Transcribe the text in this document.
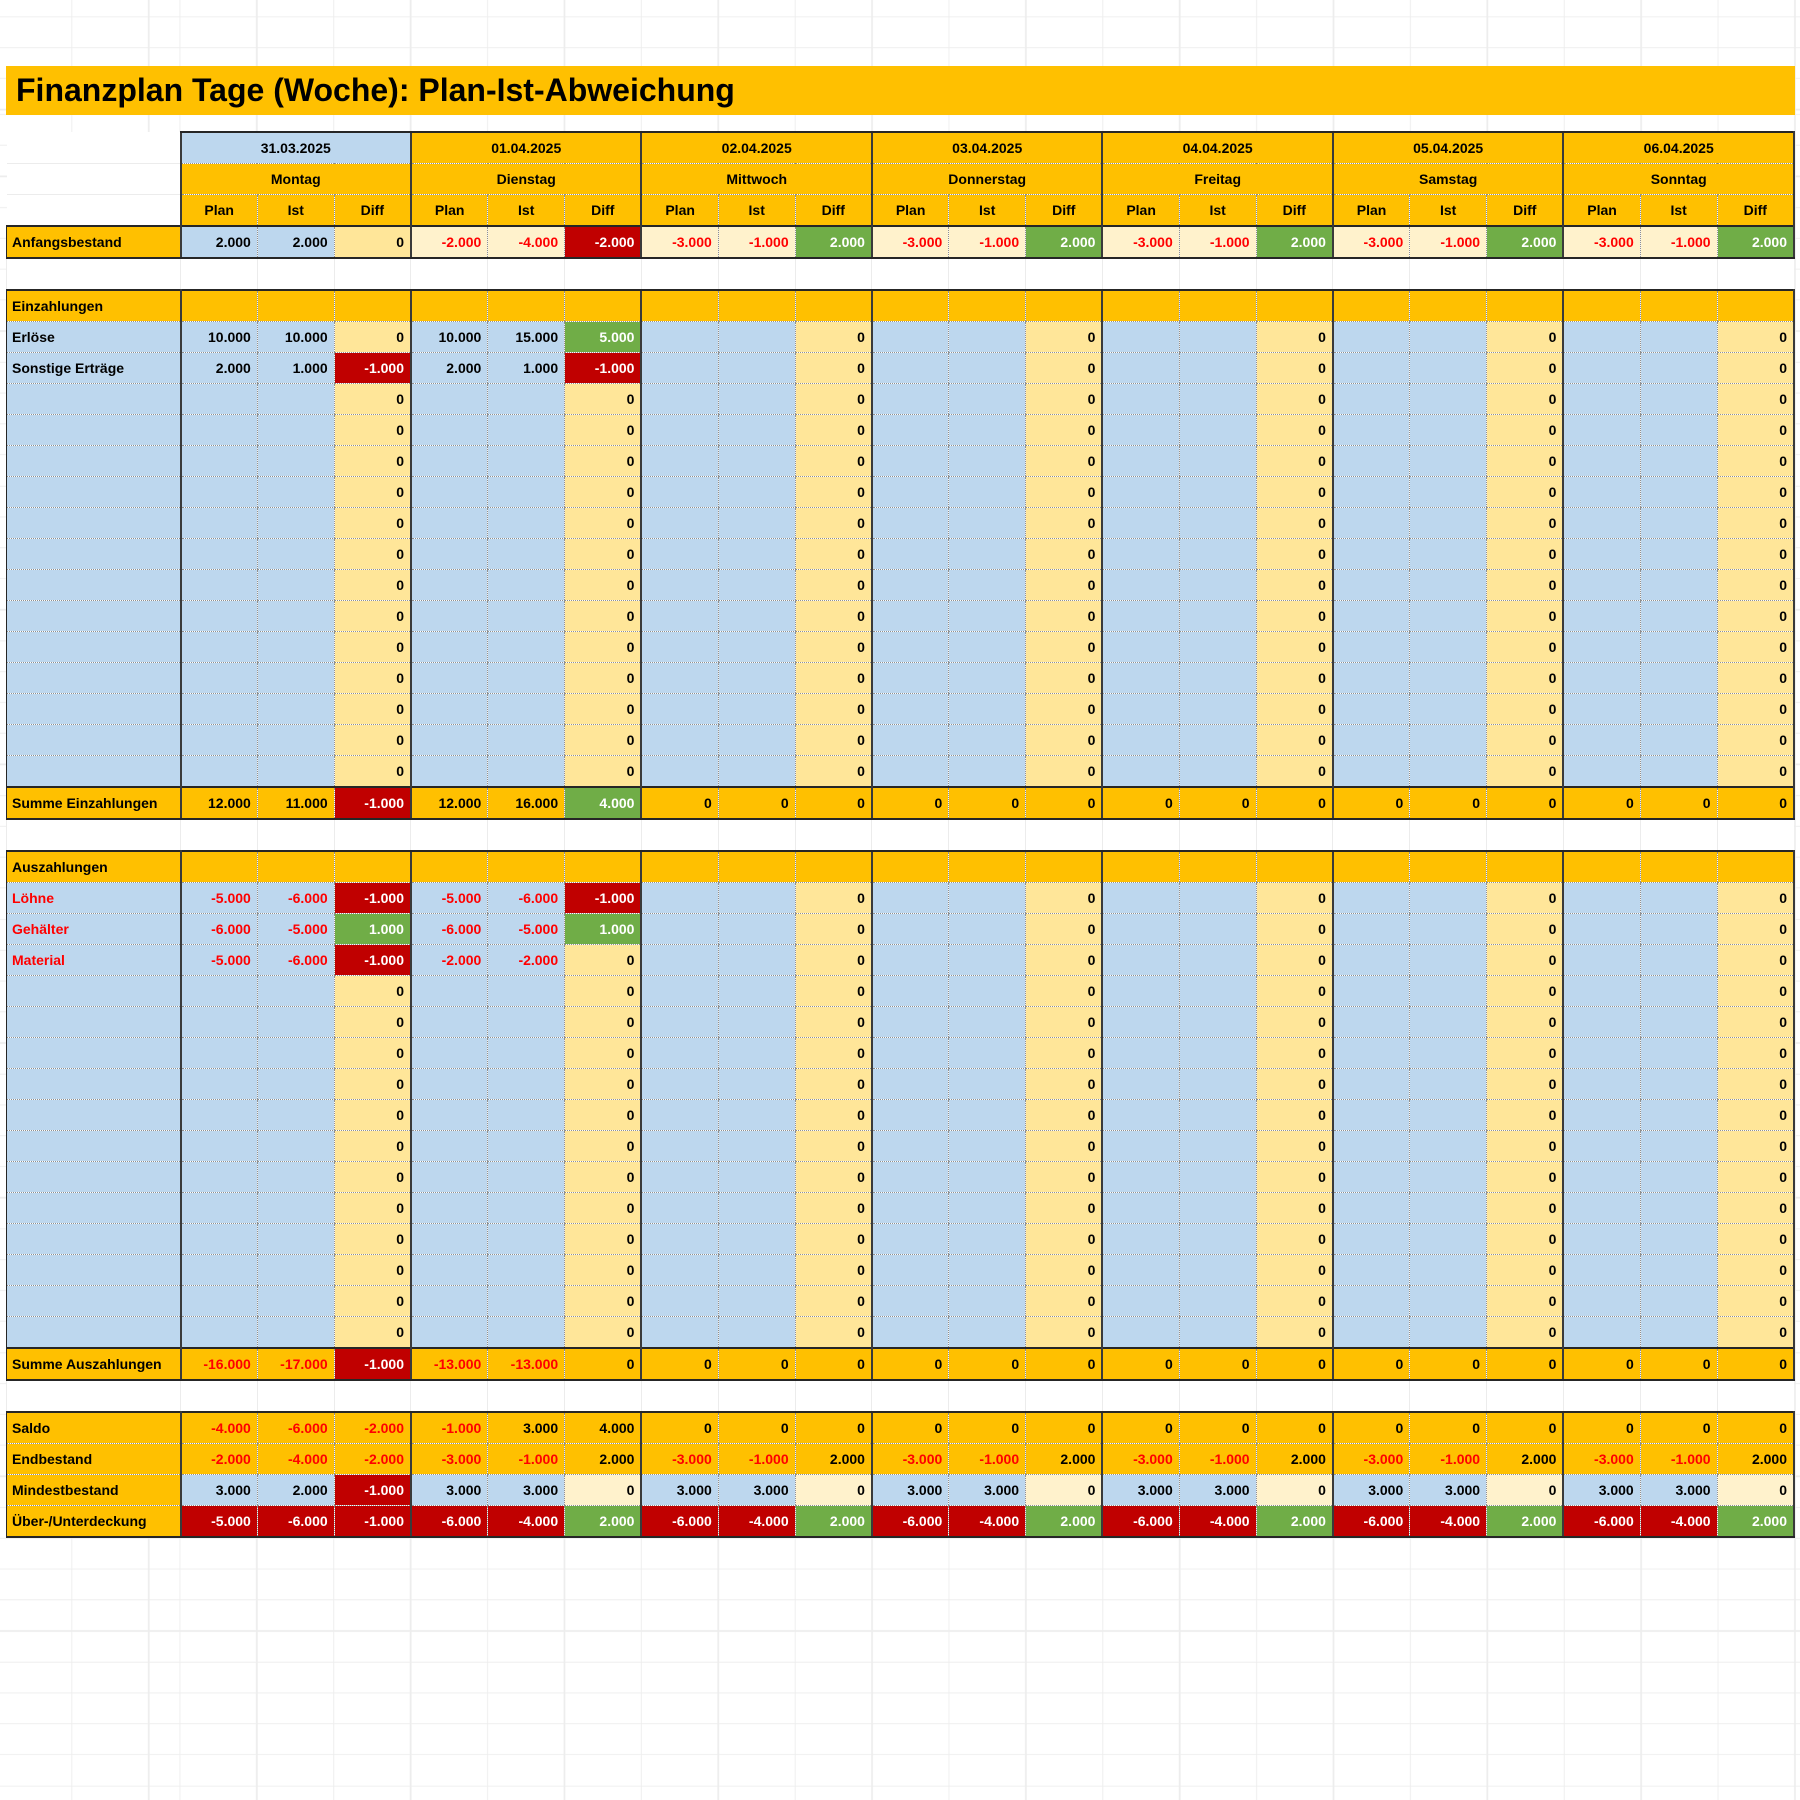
Finanzplan Tage (Woche): Plan-Ist-Abweichung
	31.03.2025			01.04.2025			02.04.2025			03.04.2025			04.04.2025			05.04.2025			06.04.2025		
	Montag			Dienstag			Mittwoch			Donnerstag			Freitag			Samstag			Sonntag		
	Plan	Ist	Diff	Plan	Ist	Diff	Plan	Ist	Diff	Plan	Ist	Diff	Plan	Ist	Diff	Plan	Ist	Diff	Plan	Ist	Diff
Anfangsbestand	2.000	2.000	0	-2.000	-4.000	-2.000	-3.000	-1.000	2.000	-3.000	-1.000	2.000	-3.000	-1.000	2.000	-3.000	-1.000	2.000	-3.000	-1.000	2.000

Einzahlungen																					
Erlöse	10.000	10.000	0	10.000	15.000	5.000			0			0			0			0			0
Sonstige Erträge	2.000	1.000	-1.000	2.000	1.000	-1.000			0			0			0			0			0
			0			0			0			0			0			0			0
			0			0			0			0			0			0			0
			0			0			0			0			0			0			0
			0			0			0			0			0			0			0
			0			0			0			0			0			0			0
			0			0			0			0			0			0			0
			0			0			0			0			0			0			0
			0			0			0			0			0			0			0
			0			0			0			0			0			0			0
			0			0			0			0			0			0			0
			0			0			0			0			0			0			0
			0			0			0			0			0			0			0
			0			0			0			0			0			0			0
Summe Einzahlungen	12.000	11.000	-1.000	12.000	16.000	4.000	0	0	0	0	0	0	0	0	0	0	0	0	0	0	0

Auszahlungen																					
Löhne	-5.000	-6.000	-1.000	-5.000	-6.000	-1.000			0			0			0			0			0
Gehälter	-6.000	-5.000	1.000	-6.000	-5.000	1.000			0			0			0			0			0
Material	-5.000	-6.000	-1.000	-2.000	-2.000	0			0			0			0			0			0
			0			0			0			0			0			0			0
			0			0			0			0			0			0			0
			0			0			0			0			0			0			0
			0			0			0			0			0			0			0
			0			0			0			0			0			0			0
			0			0			0			0			0			0			0
			0			0			0			0			0			0			0
			0			0			0			0			0			0			0
			0			0			0			0			0			0			0
			0			0			0			0			0			0			0
			0			0			0			0			0			0			0
			0			0			0			0			0			0			0
Summe Auszahlungen	-16.000	-17.000	-1.000	-13.000	-13.000	0	0	0	0	0	0	0	0	0	0	0	0	0	0	0	0

Saldo	-4.000	-6.000	-2.000	-1.000	3.000	4.000	0	0	0	0	0	0	0	0	0	0	0	0	0	0	0
Endbestand	-2.000	-4.000	-2.000	-3.000	-1.000	2.000	-3.000	-1.000	2.000	-3.000	-1.000	2.000	-3.000	-1.000	2.000	-3.000	-1.000	2.000	-3.000	-1.000	2.000
Mindestbestand	3.000	2.000	-1.000	3.000	3.000	0	3.000	3.000	0	3.000	3.000	0	3.000	3.000	0	3.000	3.000	0	3.000	3.000	0
Über-/Unterdeckung	-5.000	-6.000	-1.000	-6.000	-4.000	2.000	-6.000	-4.000	2.000	-6.000	-4.000	2.000	-6.000	-4.000	2.000	-6.000	-4.000	2.000	-6.000	-4.000	2.000
